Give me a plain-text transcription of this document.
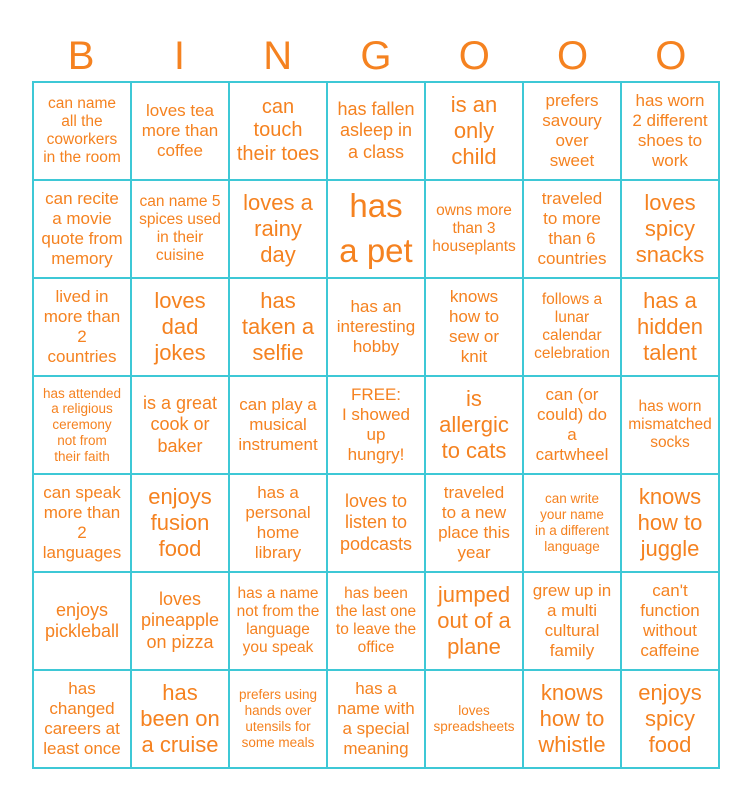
B	I	N	G	O	O	O
can name
all the
coworkers
in the room
loves tea
more than
coffee
can
touch
their toes
has fallen
asleep in
a class
is an
only
child
prefers
savoury
over
sweet
has worn
2 different
shoes to
work
can recite
a movie
quote from
memory
can name 5
spices used
in their
cuisine
loves a
rainy
day
has
a pet
owns more
than 3
houseplants
traveled
to more
than 6
countries
loves
spicy
snacks
lived in
more than
2
countries
loves
dad
jokes
has
taken a
selfie
has an
interesting
hobby
knows
how to
sew or
knit
follows a
lunar
calendar
celebration
has a
hidden
talent
has attended
a religious
ceremony
not from
their faith
is a great
cook or
baker
can play a
musical
instrument
FREE:
I showed
up
hungry!
is
allergic
to cats
can (or
could) do
a
cartwheel
has worn
mismatched
socks
can speak
more than
2
languages
enjoys
fusion
food
has a
personal
home
library
loves to
listen to
podcasts
traveled
to a new
place this
year
can write
your name
in a different
language
knows
how to
juggle
enjoys
pickleball
loves
pineapple
on pizza
has a name
not from the
language
you speak
has been
the last one
to leave the
office
jumped
out of a
plane
grew up in
a multi
cultural
family
can't
function
without
caffeine
has
changed
careers at
least once
has
been on
a cruise
prefers using
hands over
utensils for
some meals
has a
name with
a special
meaning
loves
spreadsheets
knows
how to
whistle
enjoys
spicy
food
